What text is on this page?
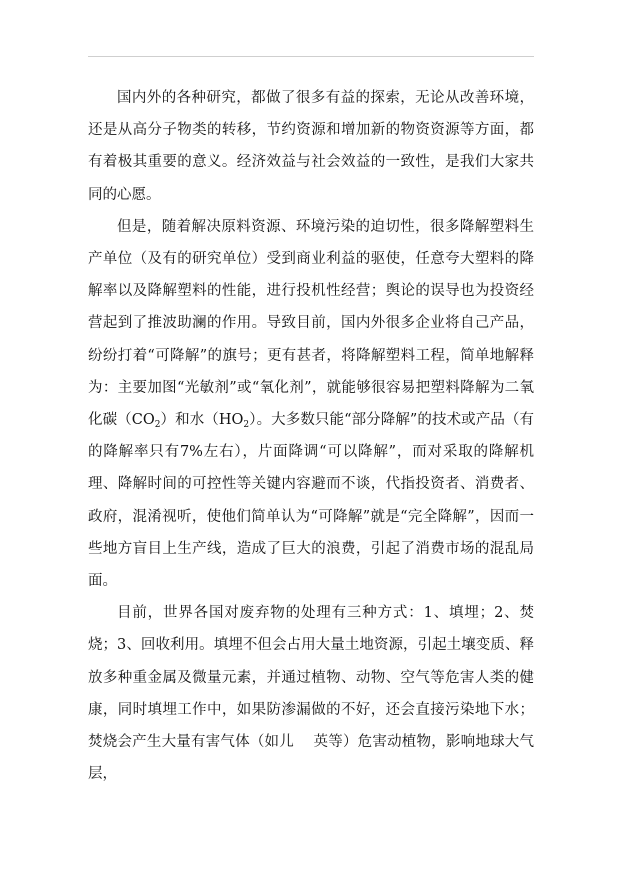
国内外的各种研究，都做了很多有益的探索，无论从改善环境，还是从高分子物类的转移，节约资源和增加新的物资资源等方面，都有着极其重要的意义。经济效益与社会效益的一致性，是我们大家共同的心愿。

但是，随着解决原料资源、环境污染的迫切性，很多降解塑料生产单位（及有的研究单位）受到商业利益的驱使，任意夸大塑料的降解率以及降解塑料的性能，进行投机性经营；舆论的误导也为投资经营起到了推波助澜的作用。导致目前，国内外很多企业将自己产品，纷纷打着“可降解”的旗号；更有甚者，将降解塑料工程，简单地解释为：主要加图“光敏剂”或“氧化剂”，就能够很容易把塑料降解为二氧化碳$(CO_2)$和水$(HO_2)$。大多数只能“部分降解”的技术或产品（有的降解率只有7%左右），片面降调“可以降解”，而对采取的降解机理、降解时间的可控性等关键内容避而不谈，代指投资者、消费者、政府，混淆视听，使他们简单认为“可降解”就是“完全降解”，因而一些地方盲目上生产线，造成了巨大的浪费，引起了消费市场的混乱局面。

目前，世界各国对废弃物的处理有三种方式：1、填埋；2、焚烧；3、回收利用。填埋不但会占用大量土地资源，引起土壤变质、释放多种重金属及微量元素，并通过植物、动物、空气等危害人类的健康，同时填埋工作中，如果防渗漏做的不好，还会直接污染地下水；焚烧会产生大量有害气体（如儿　 英等）危害动植物，影响地球大气层，
